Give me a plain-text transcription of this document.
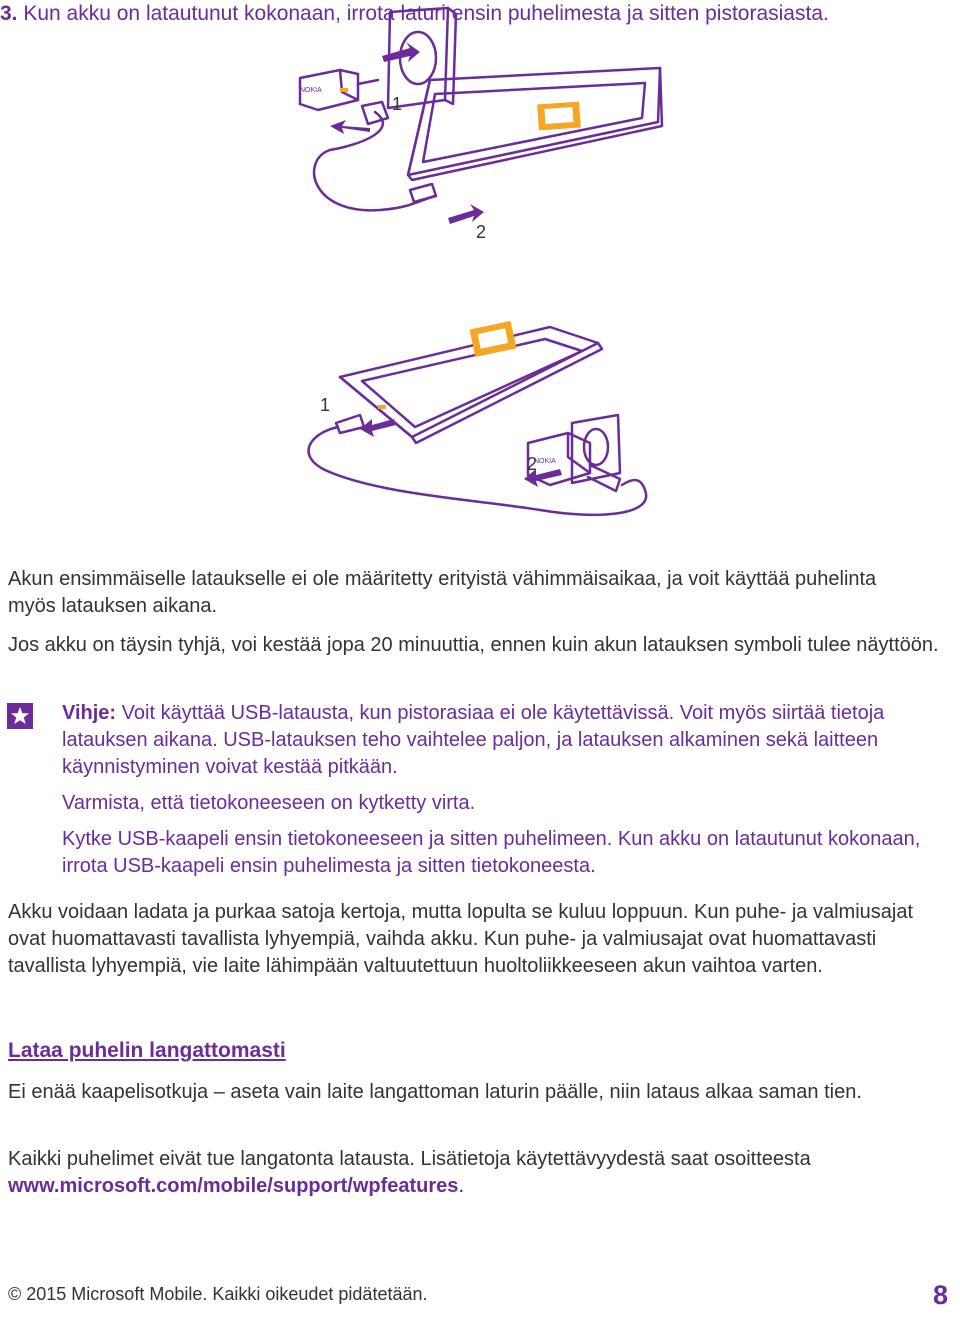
NOKIA
1
2
3. Kun akku on latautunut kokonaan, irrota laturi ensin puhelimesta ja sitten pistorasiasta.
NOKIA
1
2
Akun ensimmäiselle lataukselle ei ole määritetty erityistä vähimmäisaikaa, ja voit käyttää puhelinta myös latauksen aikana.
Jos akku on täysin tyhjä, voi kestää jopa 20 minuuttia, ennen kuin akun latauksen symboli tulee näyttöön.

Vihje: Voit käyttää USB-latausta, kun pistorasiaa ei ole käytettävissä. Voit myös siirtää tietoja latauksen aikana. USB-latauksen teho vaihtelee paljon, ja latauksen alkaminen sekä laitteen käynnistyminen voivat kestää pitkään.

Varmista, että tietokoneeseen on kytketty virta.

Kytke USB-kaapeli ensin tietokoneeseen ja sitten puhelimeen. Kun akku on latautunut kokonaan, irrota USB-kaapeli ensin puhelimesta ja sitten tietokoneesta.

Akku voidaan ladata ja purkaa satoja kertoja, mutta lopulta se kuluu loppuun. Kun puhe- ja valmiusajat ovat huomattavasti tavallista lyhyempiä, vaihda akku. Kun puhe- ja valmiusajat ovat huomattavasti tavallista lyhyempiä, vie laite lähimpään valtuutettuun huoltoliikkeeseen akun vaihtoa varten.
Lataa puhelin langattomasti
Ei enää kaapelisotkuja – aseta vain laite langattoman laturin päälle, niin lataus alkaa saman tien.
Kaikki puhelimet eivät tue langatonta latausta. Lisätietoja käytettävyydestä saat osoitteesta www.microsoft.com/mobile/support/wpfeatures.
© 2015 Microsoft Mobile. Kaikki oikeudet pidätetään.	8
